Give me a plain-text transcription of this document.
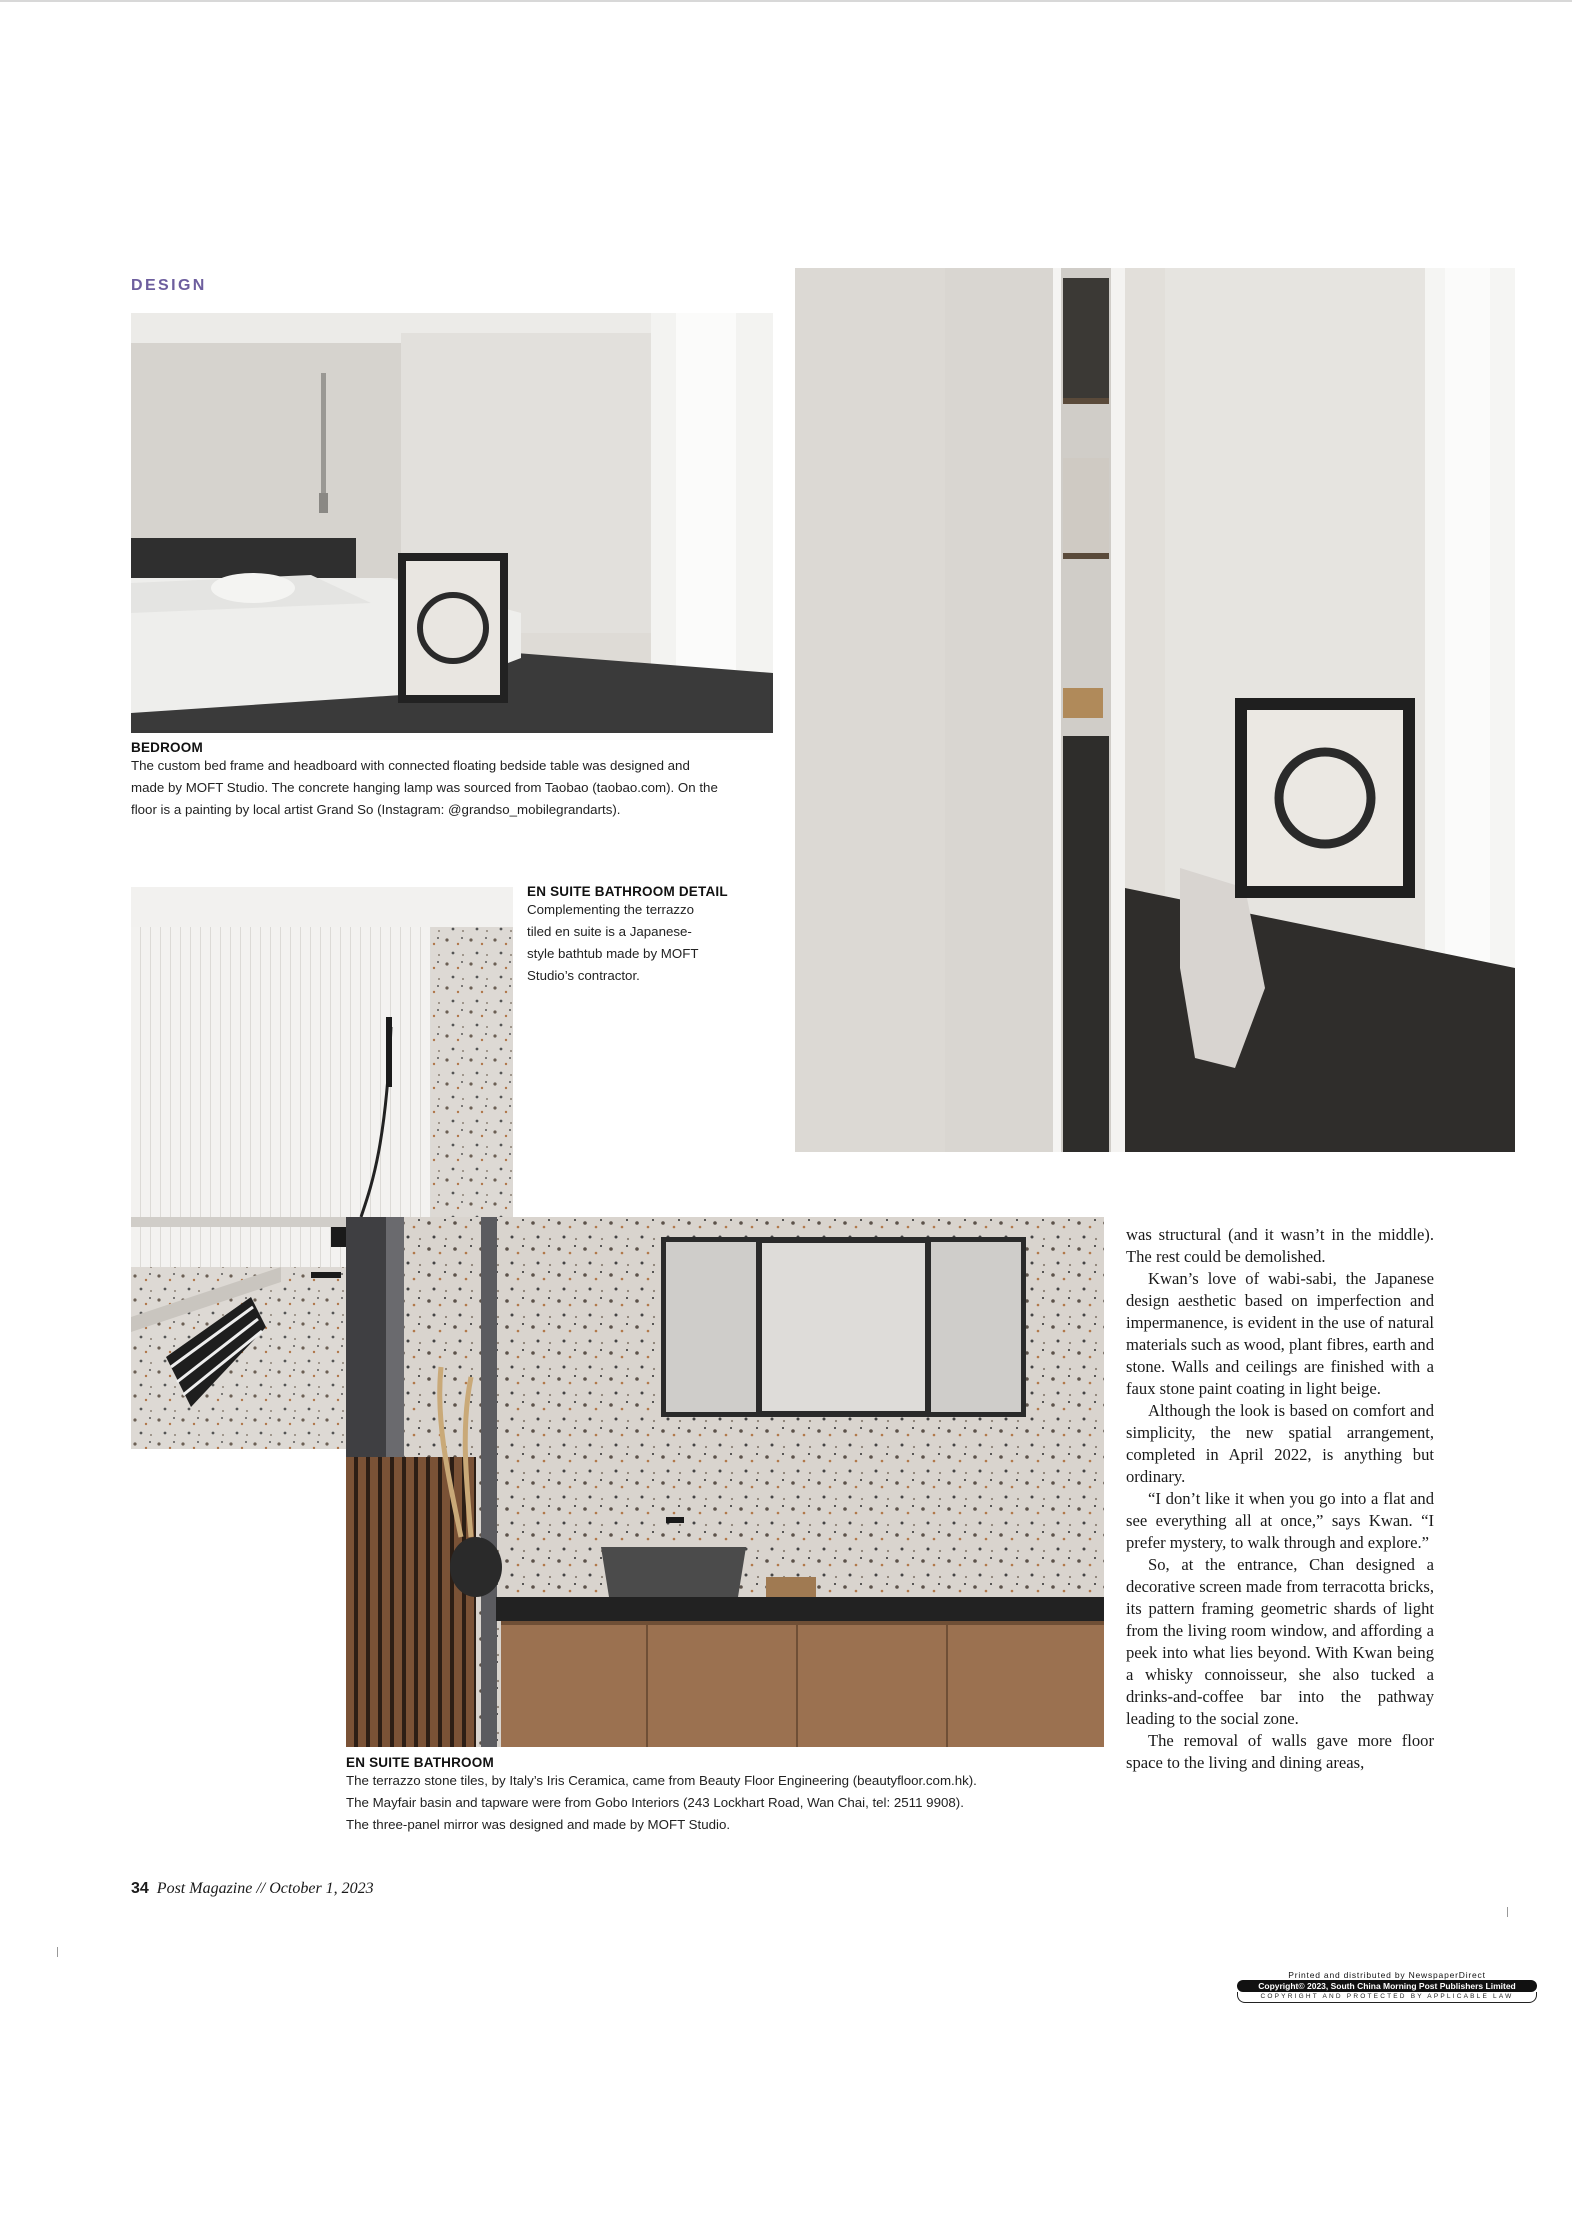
DESIGN
BEDROOM
The custom bed frame and headboard with connected floating bedside table was designed and
made by MOFT Studio. The concrete hanging lamp was sourced from Taobao (taobao.com). On the
floor is a painting by local artist Grand So (Instagram: @grandso_mobilegrandarts).
EN SUITE BATHROOM DETAIL
Complementing the terrazzo
tiled en suite is a Japanese-
style bathtub made by MOFT
Studio’s contractor.
EN SUITE BATHROOM
The terrazzo stone tiles, by Italy’s Iris Ceramica, came from Beauty Floor Engineering (beautyfloor.com.hk).
The Mayfair basin and tapware were from Gobo Interiors (243 Lockhart Road, Wan Chai, tel: 2511 9908).
The three-panel mirror was designed and made by MOFT Studio.

was structural (and it wasn’t in the middle). The rest could be demolished.

Kwan’s love of wabi-sabi, the Japanese design aesthetic based on imperfection and impermanence, is evident in the use of natural materials such as wood, plant fibres, earth and stone. Walls and ceilings are finished with a faux stone paint coating in light beige.

Although the look is based on comfort and simplicity, the new spatial arrangement, completed in April 2022, is anything but ordinary.

“I don’t like it when you go into a flat and see everything all at once,” says Kwan. “I prefer mystery, to walk through and explore.”

So, at the entrance, Chan designed a decorative screen made from terracotta bricks, its pattern framing geometric shards of light from the living room window, and affording a peek into what lies beyond. With Kwan being a whisky connoisseur, she also tucked a drinks-and-coffee bar into the pathway leading to the social zone.

The removal of walls gave more floor space to the living and dining areas,

34 Post Magazine // October 1, 2023
Printed and distributed by NewspaperDirect
Copyright© 2023, South China Morning Post Publishers Limited
COPYRIGHT AND PROTECTED BY APPLICABLE LAW
